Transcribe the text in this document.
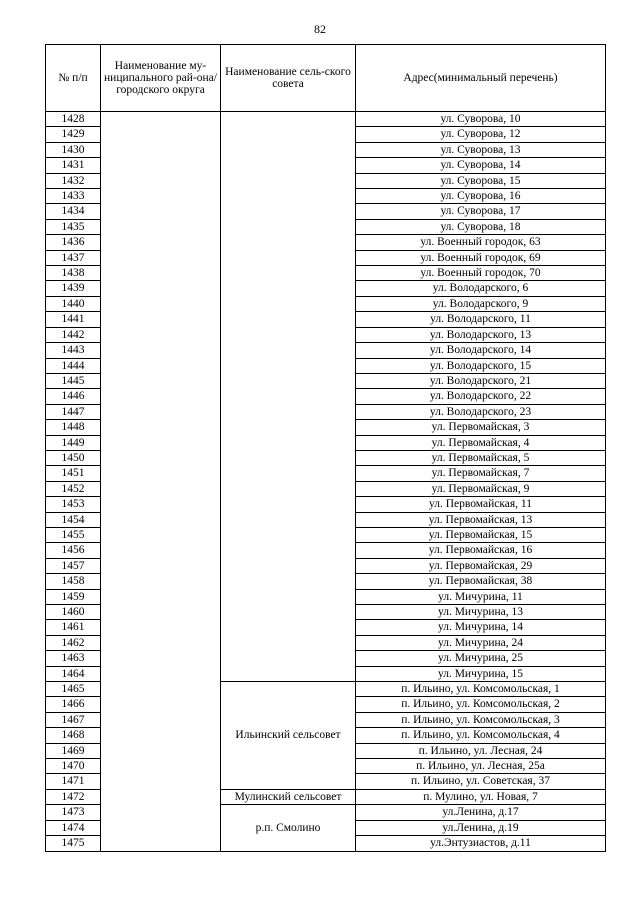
82
№ п/п	Наименование му-ниципального рай-она/ городского округа	Наименование сель-ского совета	Адрес(минимальный перечень)
1428			ул. Суворова, 10
1429			ул. Суворова, 12
1430			ул. Суворова, 13
1431			ул. Суворова, 14
1432			ул. Суворова, 15
1433			ул. Суворова, 16
1434			ул. Суворова, 17
1435			ул. Суворова, 18
1436			ул. Военный городок, 63
1437			ул. Военный городок, 69
1438			ул. Военный городок, 70
1439			ул. Володарского, 6
1440			ул. Володарского, 9
1441			ул. Володарского, 11
1442			ул. Володарского, 13
1443			ул. Володарского, 14
1444			ул. Володарского, 15
1445			ул. Володарского, 21
1446			ул. Володарского, 22
1447			ул. Володарского, 23
1448			ул. Первомайская, 3
1449			ул. Первомайская, 4
1450			ул. Первомайская, 5
1451			ул. Первомайская, 7
1452			ул. Первомайская, 9
1453			ул. Первомайская, 11
1454			ул. Первомайская, 13
1455			ул. Первомайская, 15
1456			ул. Первомайская, 16
1457			ул. Первомайская, 29
1458			ул. Первомайская, 38
1459			ул. Мичурина, 11
1460			ул. Мичурина, 13
1461			ул. Мичурина, 14
1462			ул. Мичурина, 24
1463			ул. Мичурина, 25
1464			ул. Мичурина, 15
1465		Ильинский сельсовет	п. Ильино, ул. Комсомольская, 1
1466			п. Ильино, ул. Комсомольская, 2
1467			п. Ильино, ул. Комсомольская, 3
1468			п. Ильино, ул. Комсомольская, 4
1469			п. Ильино, ул. Лесная, 24
1470			п. Ильино, ул. Лесная, 25а
1471			п. Ильино, ул. Советская, 37
1472		Мулинский сельсовет	п. Мулино, ул. Новая, 7
1473		р.п. Смолино	ул.Ленина, д.17
1474			ул.Ленина, д.19
1475			ул.Энтузиастов, д.11
